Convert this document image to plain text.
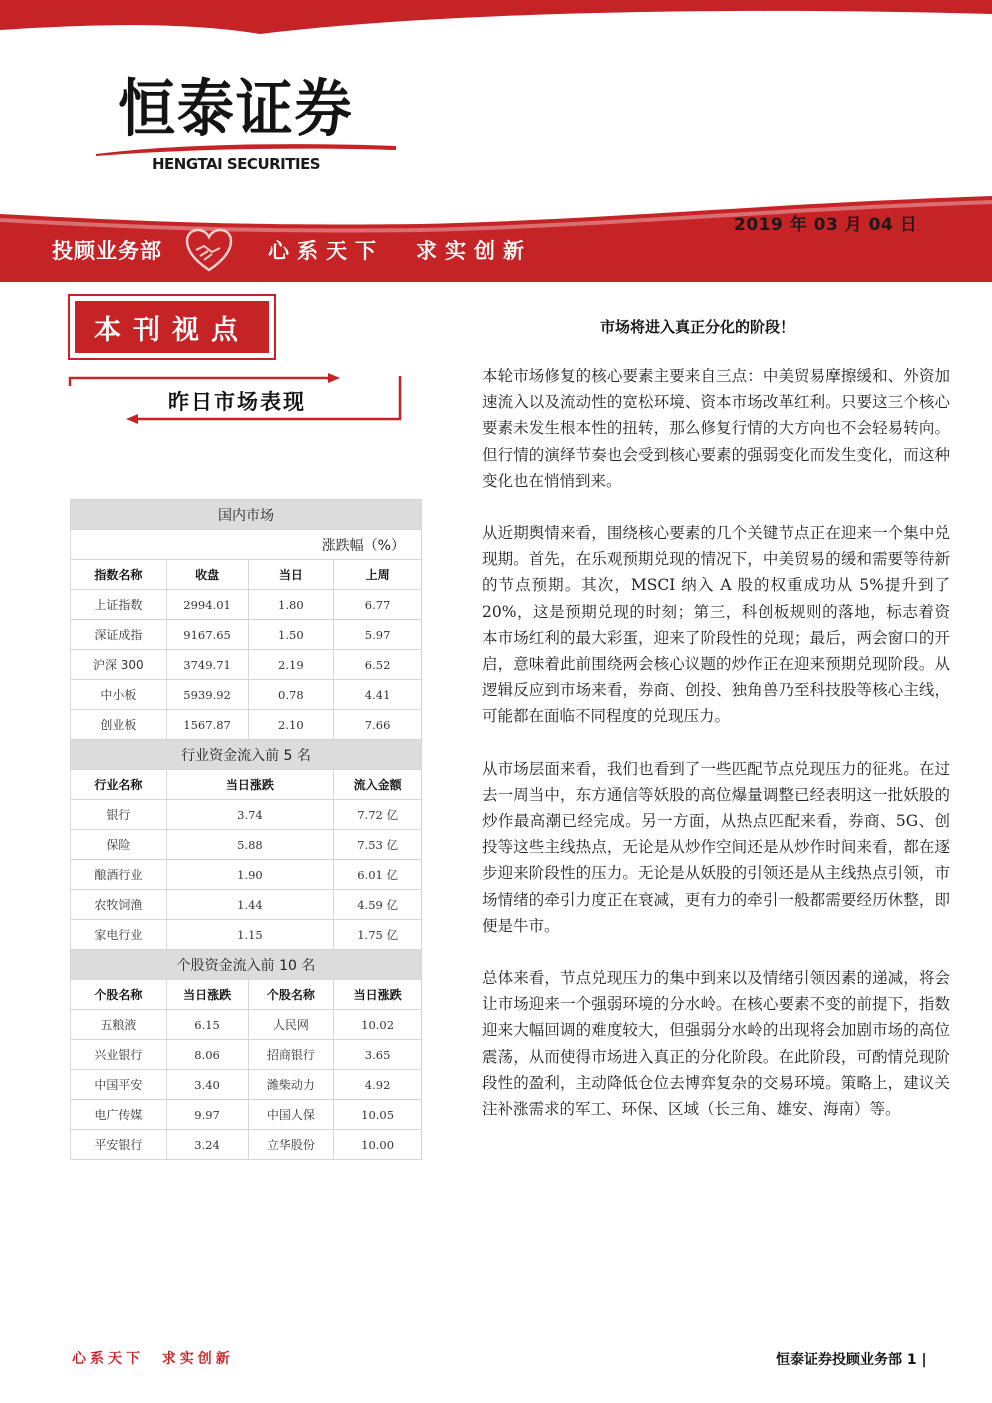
恒泰证券
HENGTAI SECURITIES
2019 年 03 月 04 日
投顾业务部	心系天下 求实创新
本刊视点
昨日市场表现
国内市场			
涨跌幅（%）			
指数名称	收盘	当日	上周
上证指数	2994.01	1.80	6.77
深证成指	9167.65	1.50	5.97
沪深 300	3749.71	2.19	6.52
中小板	5939.92	0.78	4.41
创业板	1567.87	2.10	7.66
行业资金流入前 5 名			
行业名称	当日涨跌		流入金额
银行	3.74		7.72 亿
保险	5.88		7.53 亿
酿酒行业	1.90		6.01 亿
农牧饲渔	1.44		4.59 亿
家电行业	1.15		1.75 亿
个股资金流入前 10 名			
个股名称	当日涨跌	个股名称	当日涨跌
五粮液	6.15	人民网	10.02
兴业银行	8.06	招商银行	3.65
中国平安	3.40	潍柴动力	4.92
电广传媒	9.97	中国人保	10.05
平安银行	3.24	立华股份	10.00
市场将进入真正分化的阶段！

本轮市场修复的核心要素主要来自三点：中美贸易摩擦缓和、外资加速流入以及流动性的宽松环境、资本市场改革红利。只要这三个核心要素未发生根本性的扭转，那么修复行情的大方向也不会轻易转向。但行情的演绎节奏也会受到核心要素的强弱变化而发生变化，而这种变化也在悄悄到来。

从近期舆情来看，围绕核心要素的几个关键节点正在迎来一个集中兑现期。首先，在乐观预期兑现的情况下，中美贸易的缓和需要等待新的节点预期。其次，MSCI 纳入 A 股的权重成功从 5%提升到了 20%，这是预期兑现的时刻；第三，科创板规则的落地，标志着资本市场红利的最大彩蛋，迎来了阶段性的兑现；最后，两会窗口的开启，意味着此前围绕两会核心议题的炒作正在迎来预期兑现阶段。从逻辑反应到市场来看，券商、创投、独角兽乃至科技股等核心主线，可能都在面临不同程度的兑现压力。

从市场层面来看，我们也看到了一些匹配节点兑现压力的征兆。在过去一周当中，东方通信等妖股的高位爆量调整已经表明这一批妖股的炒作最高潮已经完成。另一方面，从热点匹配来看，券商、5G、创投等这些主线热点，无论是从炒作空间还是从炒作时间来看，都在逐步迎来阶段性的压力。无论是从妖股的引领还是从主线热点引领，市场情绪的牵引力度正在衰减，更有力的牵引一般都需要经历休整，即便是牛市。

总体来看，节点兑现压力的集中到来以及情绪引领因素的递减，将会让市场迎来一个强弱环境的分水岭。在核心要素不变的前提下，指数迎来大幅回调的难度较大，但强弱分水岭的出现将会加剧市场的高位震荡，从而使得市场进入真正的分化阶段。在此阶段，可酌情兑现阶段性的盈利，主动降低仓位去博弈复杂的交易环境。策略上，建议关注补涨需求的军工、环保、区域（长三角、雄安、海南）等。

心系天下  求实创新	恒泰证券投顾业务部 1 |
